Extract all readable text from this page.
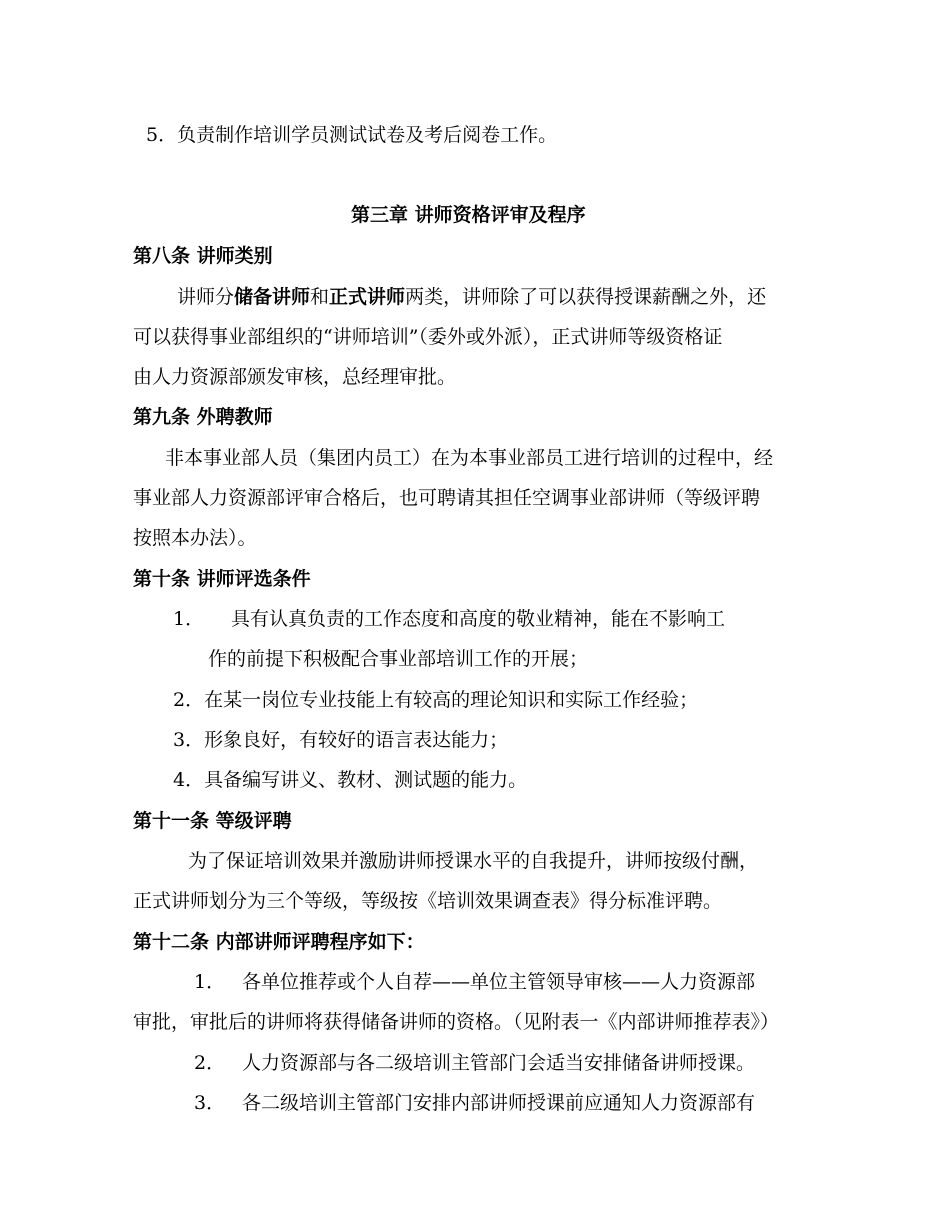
5．负责制作培训学员测试试卷及考后阅卷工作。
第三章 讲师资格评审及程序
第八条 讲师类别
讲师分储备讲师和正式讲师两类，讲师除了可以获得授课薪酬之外，还
可以获得事业部组织的“讲师培训”（委外或外派），正式讲师等级资格证
由人力资源部颁发审核，总经理审批。
第九条 外聘教师
非本事业部人员（集团内员工）在为本事业部员工进行培训的过程中，经
事业部人力资源部评审合格后，也可聘请其担任空调事业部讲师（等级评聘
按照本办法）。
第十条 讲师评选条件
1． 具有认真负责的工作态度和高度的敬业精神，能在不影响工
作的前提下积极配合事业部培训工作的开展；
2．在某一岗位专业技能上有较高的理论知识和实际工作经验；
3．形象良好，有较好的语言表达能力；
4．具备编写讲义、教材、测试题的能力。
第十一条 等级评聘
为了保证培训效果并激励讲师授课水平的自我提升，讲师按级付酬，
正式讲师划分为三个等级，等级按《培训效果调查表》得分标准评聘。
第十二条 内部讲师评聘程序如下：
1． 各单位推荐或个人自荐——单位主管领导审核——人力资源部
审批，审批后的讲师将获得储备讲师的资格。（见附表一《内部讲师推荐表》）
2． 人力资源部与各二级培训主管部门会适当安排储备讲师授课。
3． 各二级培训主管部门安排内部讲师授课前应通知人力资源部有
